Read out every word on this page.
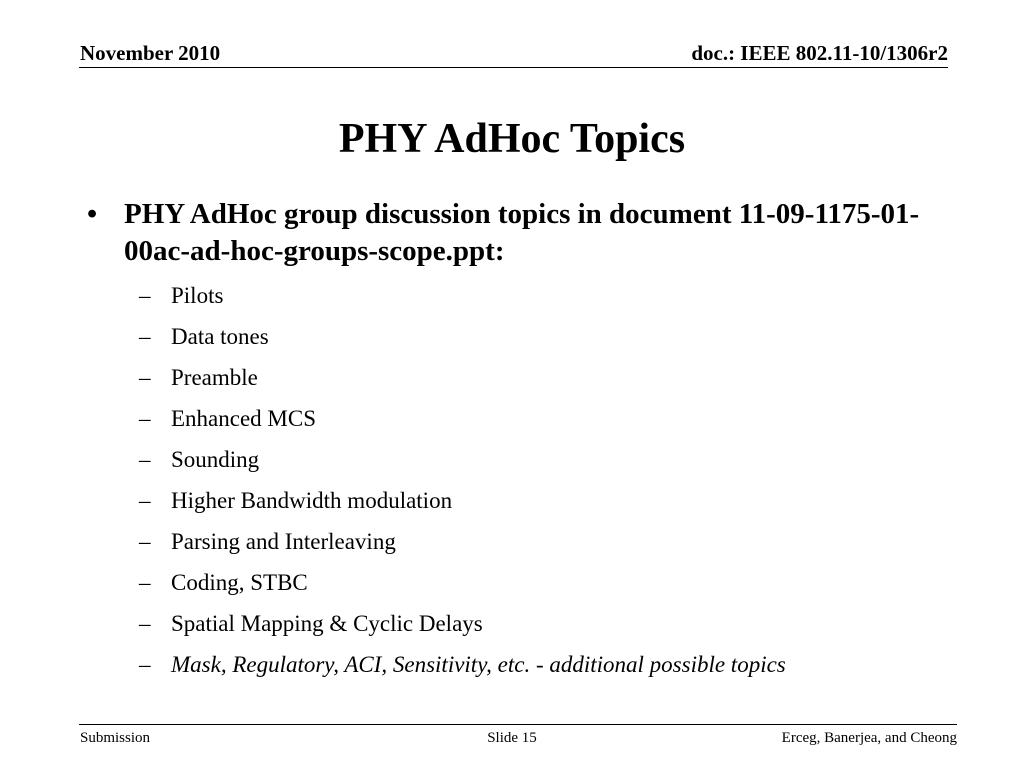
November 2010	doc.: IEEE 802.11-10/1306r2
PHY AdHoc Topics
• PHY AdHoc group discussion topics in document 11-09-1175-01-00ac-ad-hoc-groups-scope.ppt:
– Pilots
– Data tones
– Preamble
– Enhanced MCS
– Sounding
– Higher Bandwidth modulation
– Parsing and Interleaving
– Coding, STBC
– Spatial Mapping & Cyclic Delays
– Mask, Regulatory, ACI, Sensitivity, etc. - additional possible topics
Submission	Slide 15	Erceg, Banerjea, and Cheong
